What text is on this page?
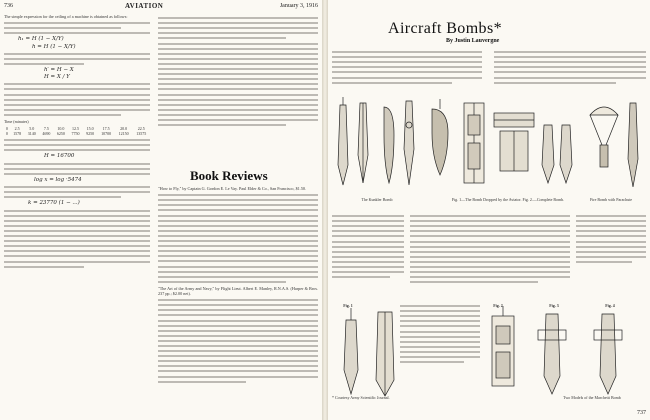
736	AVIATION	January 3, 1916
The simple expression for the ceiling of a machine is obtained as follows:
h₁ = H (1 − X/Y)
h = H (1 − X/Y)
h′ = H − X
H = X / Y
Time (minutes)
0	2.5	5.0	7.5	10.0	12.5	15.0	17.5	20.0	22.5
0	1578	3140	4690	6250	7750	9250	10700	12150	13575
H = 16700
log x = log ·5474
k = 23770 (1 − ...)
Book Reviews
"How to Fly," by Captain G. Gordon E. Le Vay. Paul Elder & Co., San Francisco, $1.50.
"The Art of the Army and Navy," by Flight Lieut. Albert E. Manley, R.N.A.S. (Harper & Bros. 237 pp.; $2.00 net).
Aircraft Bombs*
By Justin Lauvergne
Fig. 1—The Bomb Dropped by the Aviator. Fig. 2.—Complete Bomb.
The Kunkler Bomb	Fire Bomb with Parachute
Fig. 1	Fig. 2	Fig. 3	Fig. 4
Two Models of the Marchetti Bomb
* Courtesy Army Scientific Journal.
737
